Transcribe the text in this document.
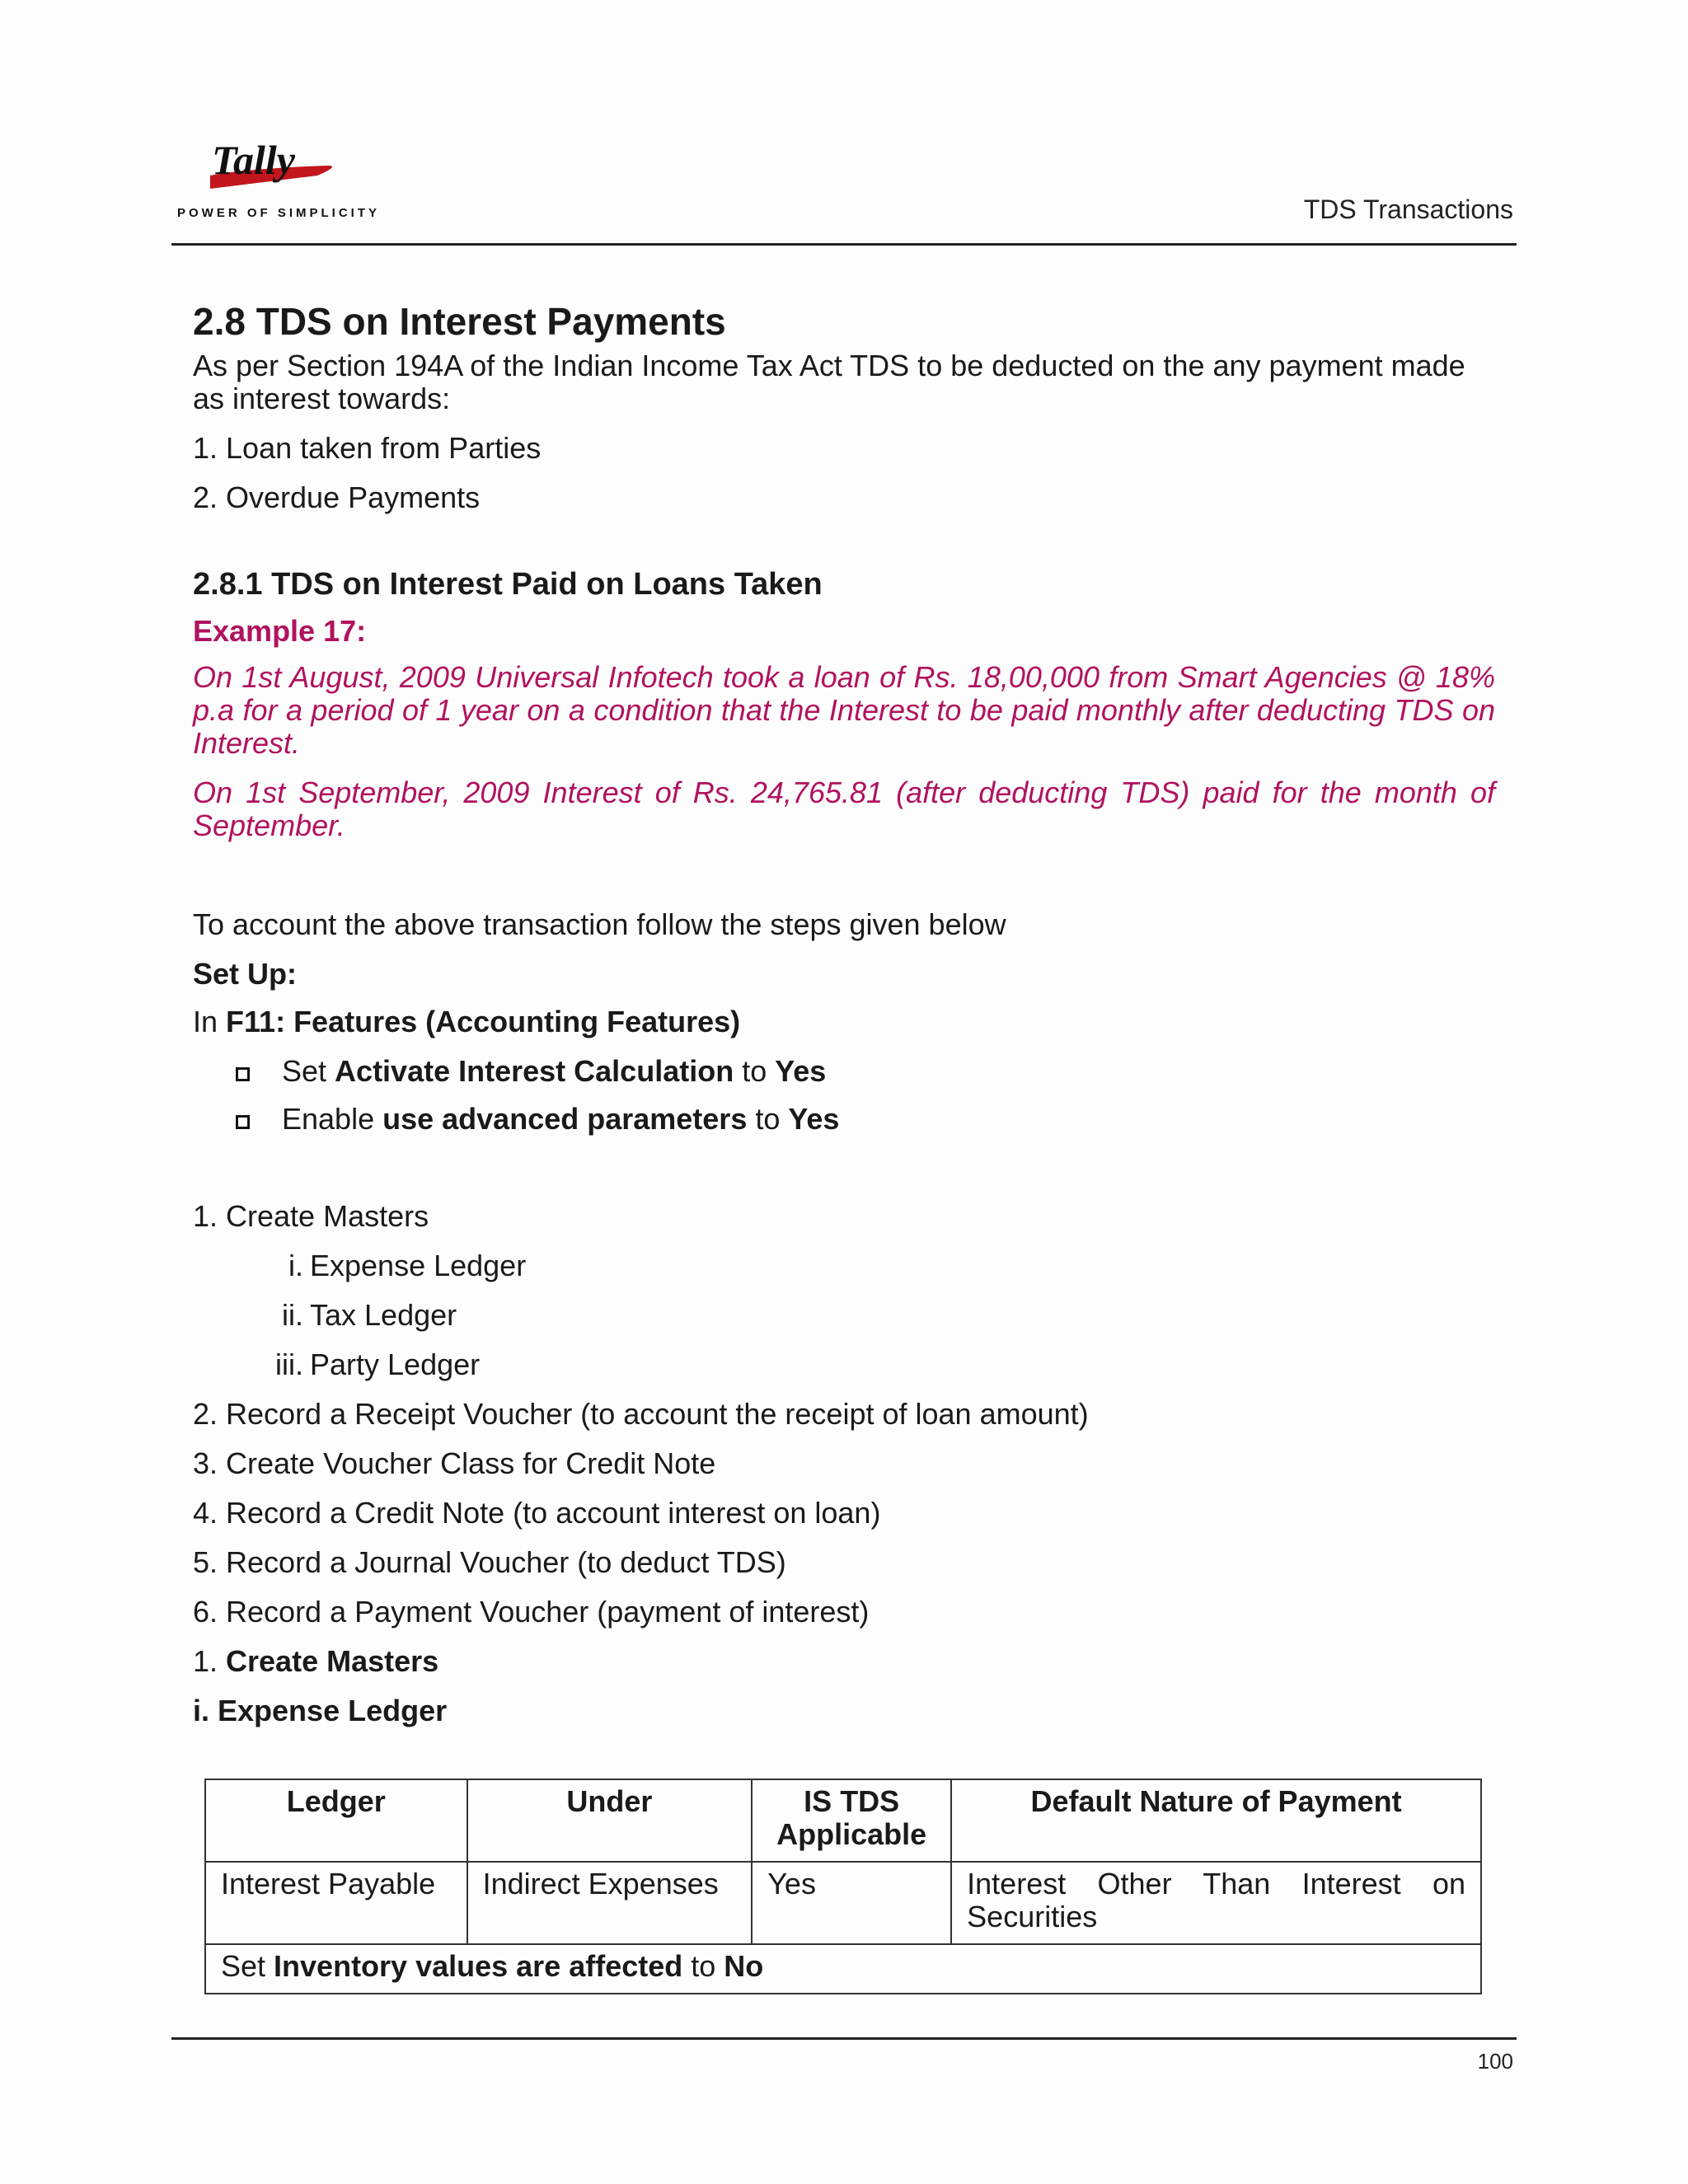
Tally
POWER OF SIMPLICITY	TDS Transactions
2.8 TDS on Interest Payments

As per Section 194A of the Indian Income Tax Act TDS to be deducted on the any payment made as interest towards:

1. Loan taken from Parties

2. Overdue Payments

2.8.1 TDS on Interest Paid on Loans Taken

Example 17:

On 1st August, 2009 Universal Infotech took a loan of Rs. 18,00,000 from Smart Agencies @ 18% p.a for a period of 1 year on a condition that the Interest to be paid monthly after deducting TDS on Interest.

On 1st September, 2009 Interest of Rs. 24,765.81 (after deducting TDS) paid for the month of September.

To account the above transaction follow the steps given below

Set Up:

In F11: Features (Accounting Features)

Set Activate Interest Calculation to Yes
Enable use advanced parameters to Yes

1. Create Masters

i. Expense Ledger

ii. Tax Ledger

iii. Party Ledger

2. Record a Receipt Voucher (to account the receipt of loan amount)

3. Create Voucher Class for Credit Note

4. Record a Credit Note (to account interest on loan)

5. Record a Journal Voucher (to deduct TDS)

6. Record a Payment Voucher (payment of interest)

1. Create Masters

i. Expense Ledger

Ledger	Under	IS TDS Applicable	Default Nature of Payment
Interest Payable	Indirect Expenses	Yes	Interest Other Than Interest on Securities
Set Inventory values are affected to No			
100
